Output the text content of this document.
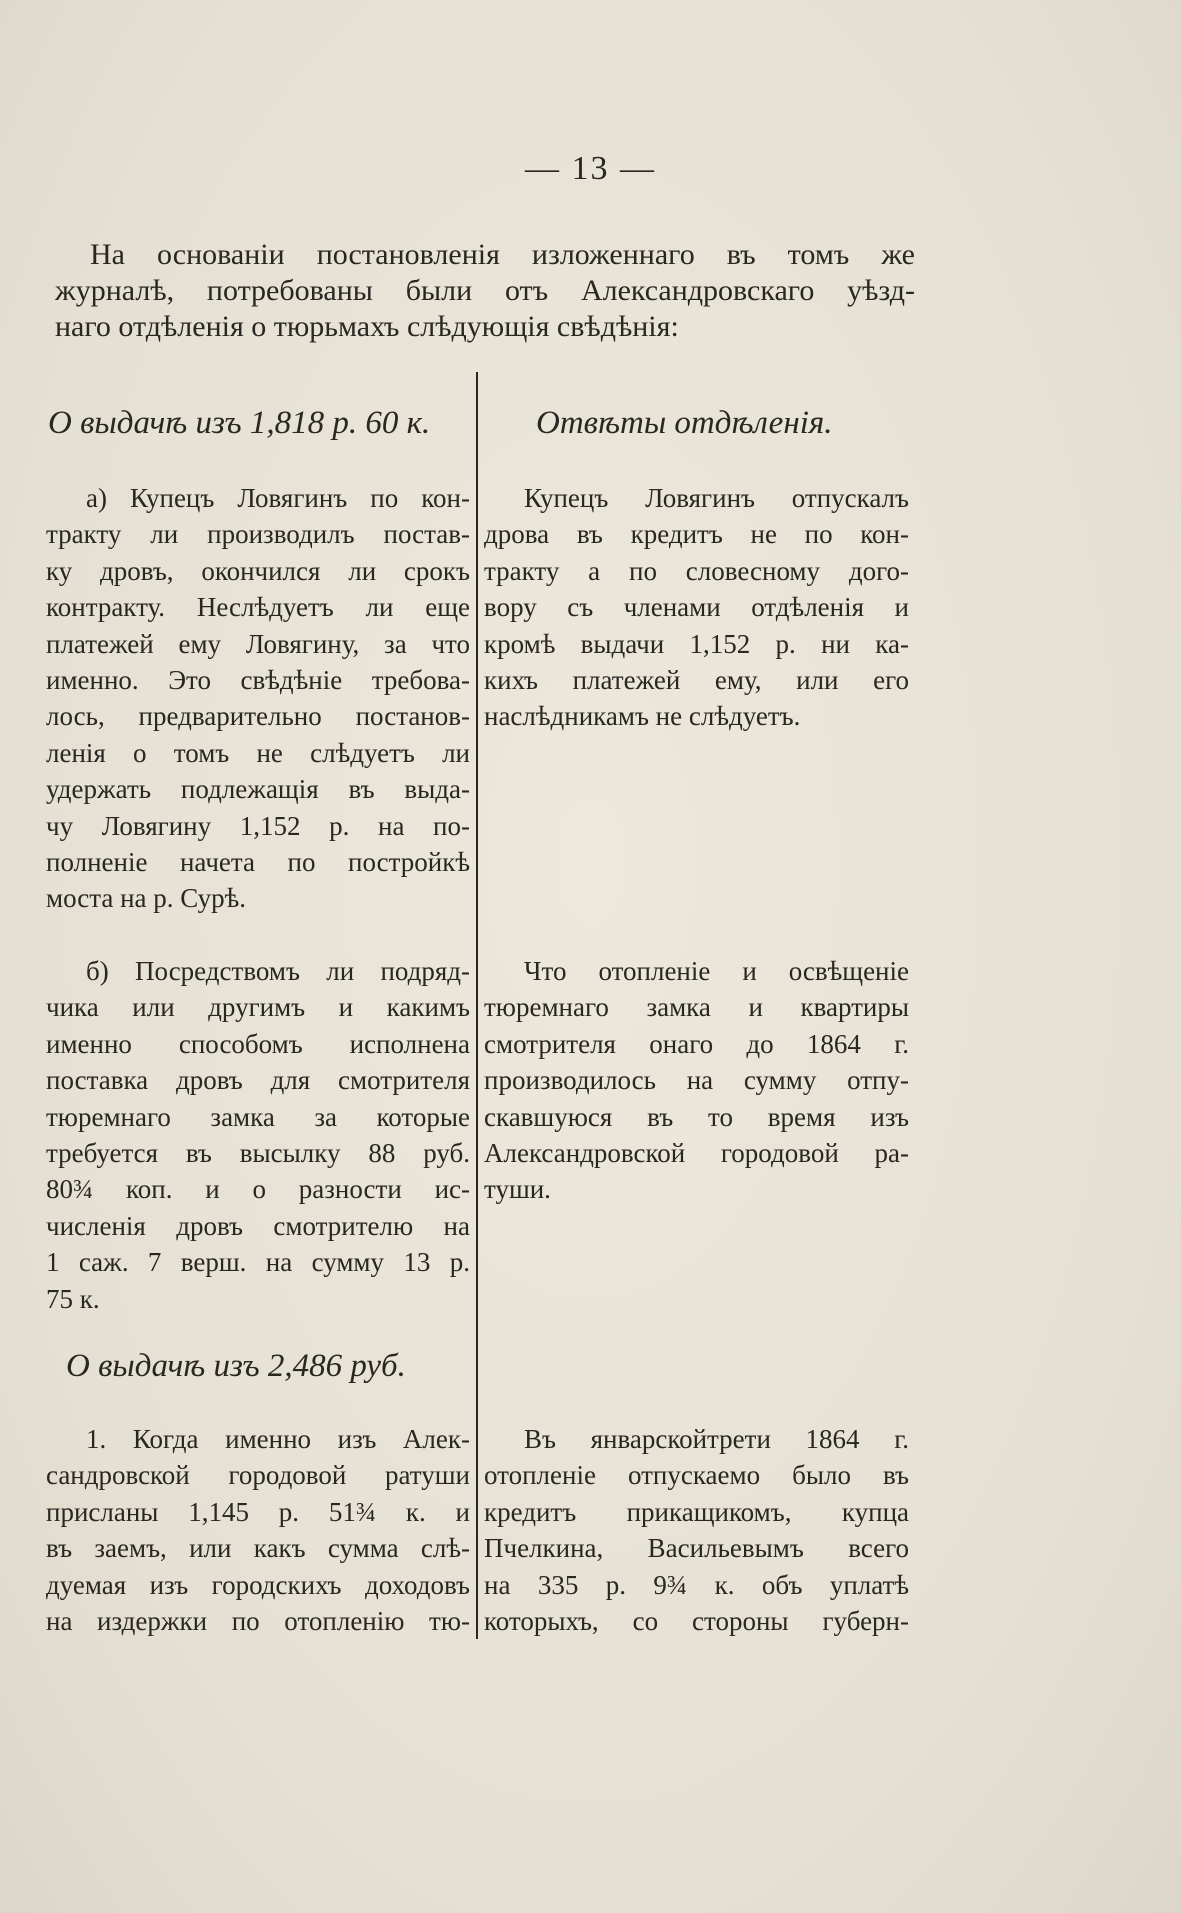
— 13 —
На основаніи постановленія изложеннаго въ томъ же
журналѣ, потребованы были отъ Александровскаго уѣзд-
наго отдѣленія о тюрьмахъ слѣдующія свѣдѣнія:
О выдачѣ изъ 1,818 р. 60 к.	Отвѣты отдѣленія.
а) Купецъ Ловягинъ по кон-
тракту ли производилъ постав-
ку дровъ, окончился ли срокъ
контракту. Неслѣдуетъ ли еще
платежей ему Ловягину, за что
именно. Это свѣдѣніе требова-
лось, предварительно постанов-
ленія о томъ не слѣдуетъ ли
удержать подлежащія въ выда-
чу Ловягину 1,152 р. на по-
полненіе начета по постройкѣ
моста на р. Сурѣ.
Купецъ Ловягинъ отпускалъ
дрова въ кредитъ не по кон-
тракту а по словесному дого-
вору съ членами отдѣленія и
кромѣ выдачи 1,152 р. ни ка-
кихъ платежей ему, или его
наслѣдникамъ не слѣдуетъ.
б) Посредствомъ ли подряд-
чика или другимъ и какимъ
именно способомъ исполнена
поставка дровъ для смотрителя
тюремнаго замка за которые
требуется въ высылку 88 руб.
80¾ коп. и о разности ис-
численія дровъ смотрителю на
1 саж. 7 верш. на сумму 13 р.
75 к.
Что отопленіе и освѣщеніе
тюремнаго замка и квартиры
смотрителя онаго до 1864 г.
производилось на сумму отпу-
скавшуюся въ то время изъ
Александровской городовой ра-
туши.
О выдачѣ изъ 2,486 руб.
1. Когда именно изъ Алек-
сандровской городовой ратуши
присланы 1,145 р. 51¾ к. и
въ заемъ, или какъ сумма слѣ-
дуемая изъ городскихъ доходовъ
на издержки по отопленію тю-
Въ январскойтрети 1864 г.
отопленіе отпускаемо было въ
кредитъ прикащикомъ, купца
Пчелкина, Васильевымъ всего
на 335 р. 9¾ к. объ уплатѣ
которыхъ, со стороны губерн-
